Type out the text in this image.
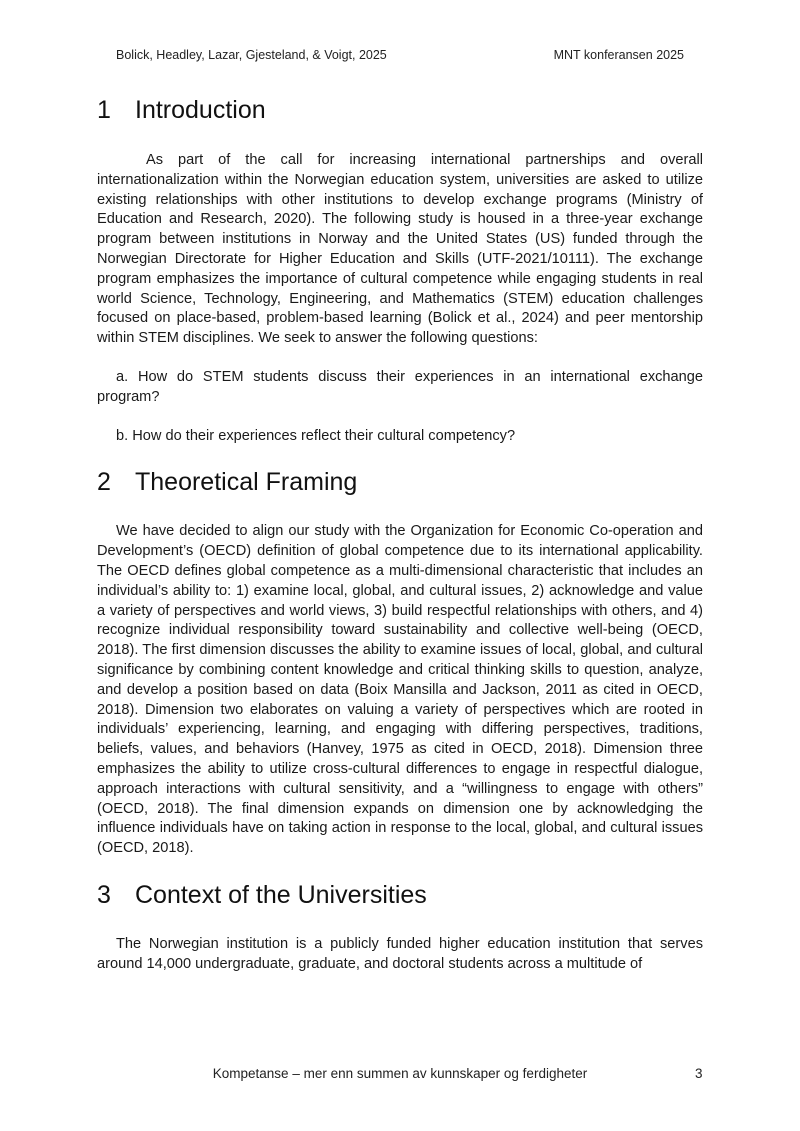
Bolick, Headley, Lazar, Gjesteland, & Voigt, 2025	MNT konferansen 2025
1 Introduction

As part of the call for increasing international partnerships and overall internationalization within the Norwegian education system, universities are asked to utilize existing relationships with other institutions to develop exchange programs (Ministry of Education and Research, 2020). The following study is housed in a three-year exchange program between institutions in Norway and the United States (US) funded through the Norwegian Directorate for Higher Education and Skills (UTF-2021/10111). The exchange program emphasizes the importance of cultural competence while engaging students in real world Science, Technology, Engineering, and Mathematics (STEM) education challenges focused on place-based, problem-based learning (Bolick et al., 2024) and peer mentorship within STEM disciplines. We seek to answer the following questions:

a. How do STEM students discuss their experiences in an international exchange program?

b. How do their experiences reflect their cultural competency?

2 Theoretical Framing

We have decided to align our study with the Organization for Economic Co-operation and Development’s (OECD) definition of global competence due to its international applicability. The OECD defines global competence as a multi-dimensional characteristic that includes an individual’s ability to: 1) examine local, global, and cultural issues, 2) acknowledge and value a variety of perspectives and world views, 3) build respectful relationships with others, and 4) recognize individual responsibility toward sustainability and collective well-being (OECD, 2018). The first dimension discusses the ability to examine issues of local, global, and cultural significance by combining content knowledge and critical thinking skills to question, analyze, and develop a position based on data (Boix Mansilla and Jackson, 2011 as cited in OECD, 2018). Dimension two elaborates on valuing a variety of perspectives which are rooted in individuals’ experiencing, learning, and engaging with differing perspectives, traditions, beliefs, values, and behaviors (Hanvey, 1975 as cited in OECD, 2018). Dimension three emphasizes the ability to utilize cross-cultural differences to engage in respectful dialogue, approach interactions with cultural sensitivity, and a “willingness to engage with others” (OECD, 2018). The final dimension expands on dimension one by acknowledging the influence individuals have on taking action in response to the local, global, and cultural issues (OECD, 2018).

3 Context of the Universities

The Norwegian institution is a publicly funded higher education institution that serves around 14,000 undergraduate, graduate, and doctoral students across a multitude of

Kompetanse – mer enn summen av kunnskaper og ferdigheter	3
